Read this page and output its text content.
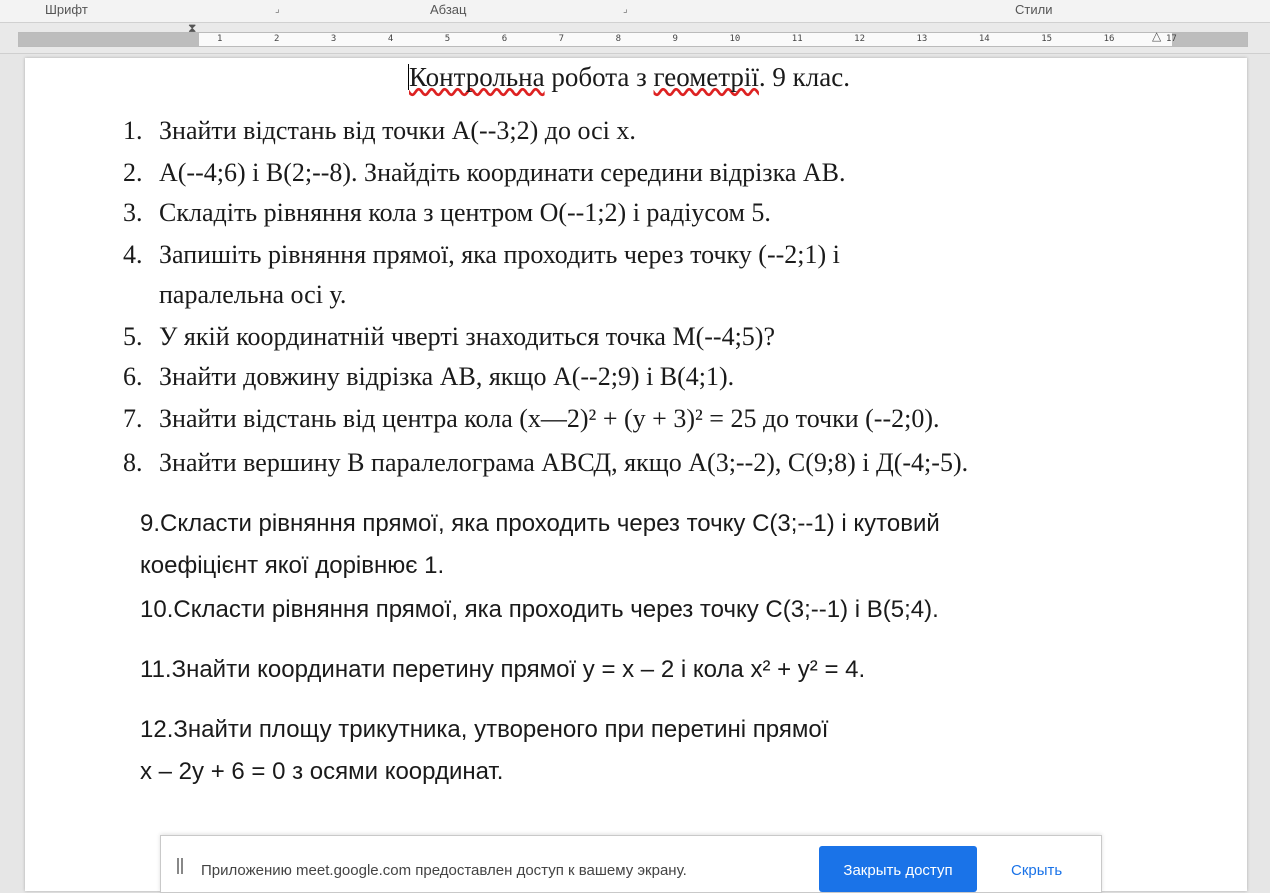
Шрифт	⌟	Абзац	⌟	Стили
1	2	3	4	5	6	7	8	9	10	11	12	13	14	15	16	17
⧗
△
Контрольна робота з геометрії. 9 клас.
1. Знайти відстань від точки А(--3;2) до осі х.
2. А(--4;6) і В(2;--8). Знайдіть координати середини відрізка АВ.
3. Складіть рівняння кола з центром О(--1;2) і радіусом 5.
4. Запишіть рівняння прямої, яка проходить через точку (--2;1) і
паралельна осі у.
5. У якій координатній чверті знаходиться точка М(--4;5)?
6. Знайти довжину відрізка АВ, якщо А(--2;9) і В(4;1).
7. Знайти відстань від центра кола (х—2)² + (у + 3)² = 25 до точки (--2;0).
8. Знайти вершину В паралелограма АВСД, якщо А(3;--2), С(9;8) і Д(-4;-5).
9.Скласти рівняння прямої, яка проходить через точку С(3;--1) і кутовий
коефіцієнт якої дорівнює 1.
10.Скласти рівняння прямої, яка проходить через точку С(3;--1) і В(5;4).
11.Знайти координати перетину прямої у = х – 2 і кола х² + у² = 4.
12.Знайти площу трикутника, утвореного при перетині прямої
х – 2у + 6 = 0 з осями координат.
Приложению meet.google.com предоставлен доступ к вашему экрану.	Закрыть доступ	Скрыть
